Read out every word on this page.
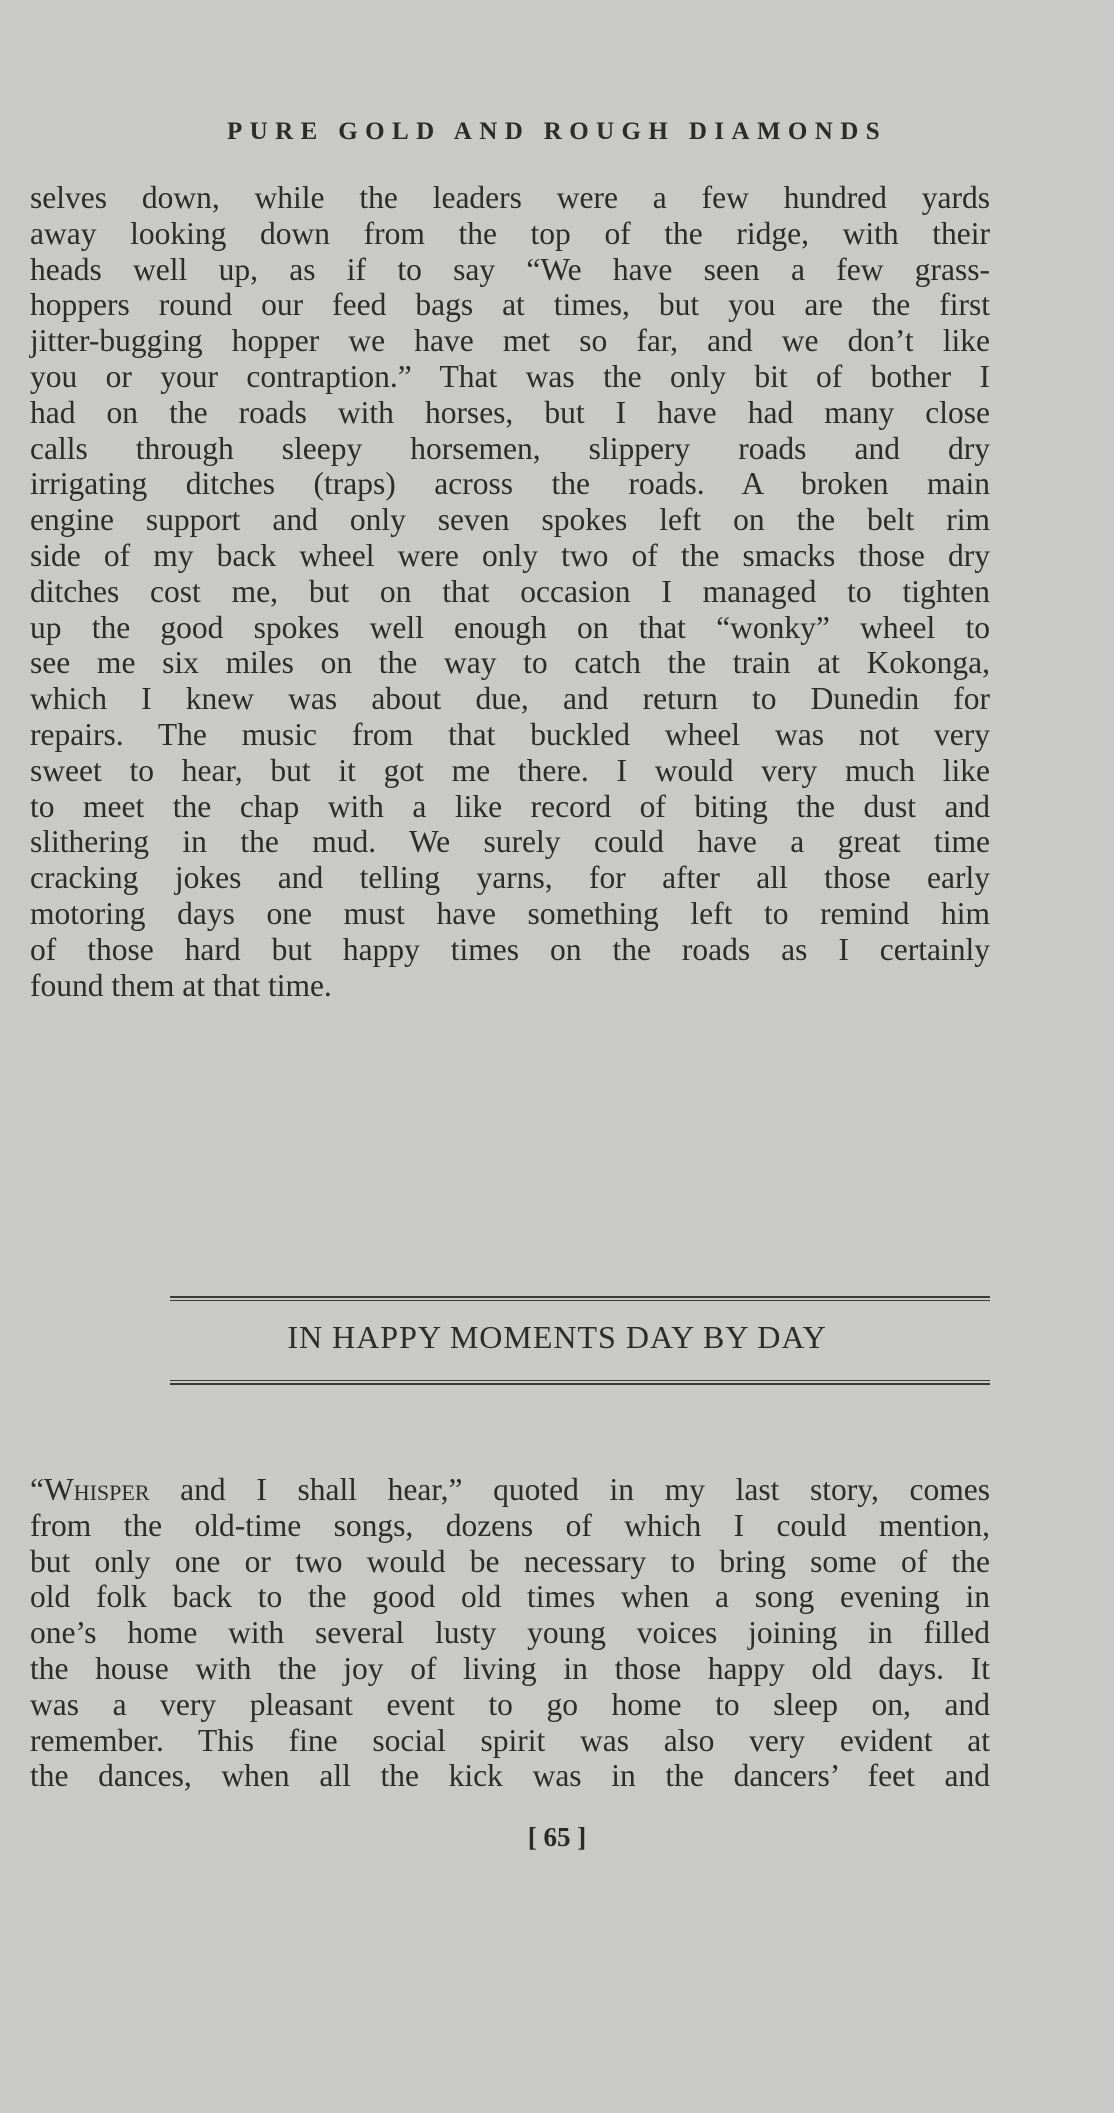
PURE GOLD AND ROUGH DIAMONDS

selves down, while the leaders were a few hundred yards
away looking down from the top of the ridge, with their
heads well up, as if to say “We have seen a few grass-
hoppers round our feed bags at times, but you are the first
jitter-bugging hopper we have met so far, and we don’t like
you or your contraption.” That was the only bit of bother I
had on the roads with horses, but I have had many close
calls through sleepy horsemen, slippery roads and dry
irrigating ditches (traps) across the roads. A broken main
engine support and only seven spokes left on the belt rim
side of my back wheel were only two of the smacks those dry
ditches cost me, but on that occasion I managed to tighten
up the good spokes well enough on that “wonky” wheel to
see me six miles on the way to catch the train at Kokonga,
which I knew was about due, and return to Dunedin for
repairs. The music from that buckled wheel was not very
sweet to hear, but it got me there. I would very much like
to meet the chap with a like record of biting the dust and
slithering in the mud. We surely could have a great time
cracking jokes and telling yarns, for after all those early
motoring days one must have something left to remind him
of those hard but happy times on the roads as I certainly
found them at that time.

IN HAPPY MOMENTS DAY BY DAY

“Whisper and I shall hear,” quoted in my last story, comes
from the old-time songs, dozens of which I could mention,
but only one or two would be necessary to bring some of the
old folk back to the good old times when a song evening in
one’s home with several lusty young voices joining in filled
the house with the joy of living in those happy old days. It
was a very pleasant event to go home to sleep on, and
remember. This fine social spirit was also very evident at
the dances, when all the kick was in the dancers’ feet and

[ 65 ]
